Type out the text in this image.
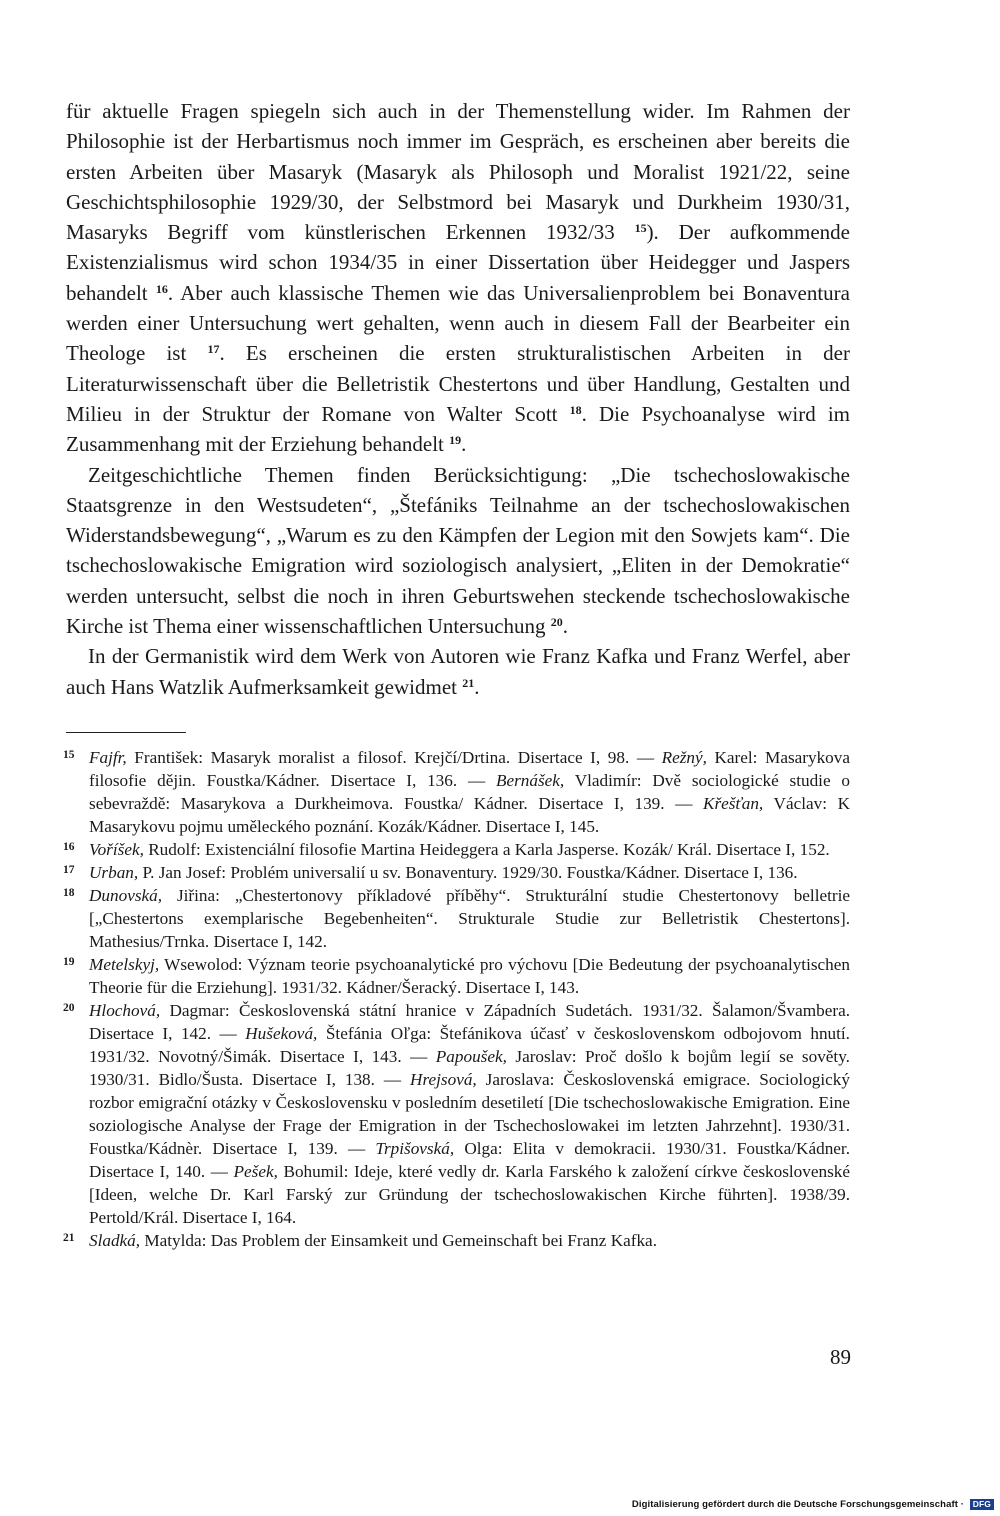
für aktuelle Fragen spiegeln sich auch in der Themenstellung wider. Im Rahmen der Philosophie ist der Herbartismus noch immer im Gespräch, es erscheinen aber bereits die ersten Arbeiten über Masaryk (Masaryk als Philosoph und Moralist 1921/22, seine Geschichtsphilosophie 1929/30, der Selbstmord bei Masaryk und Durkheim 1930/31, Masaryks Begriff vom künstlerischen Erkennen 1932/33 $^{15}$). Der aufkommende Existenzialismus wird schon 1934/35 in einer Dissertation über Heidegger und Jaspers behandelt $^{16}$. Aber auch klassische Themen wie das Universalienproblem bei Bonaventura werden einer Untersuchung wert gehalten, wenn auch in diesem Fall der Bearbeiter ein Theologe ist $^{17}$. Es erscheinen die ersten strukturalistischen Arbeiten in der Literaturwissenschaft über die Belletristik Chestertons und über Handlung, Gestalten und Milieu in der Struktur der Romane von Walter Scott $^{18}$. Die Psychoanalyse wird im Zusammenhang mit der Erziehung behandelt $^{19}$.

Zeitgeschichtliche Themen finden Berücksichtigung: „Die tschechoslowakische Staatsgrenze in den Westsudeten“, „Štefániks Teilnahme an der tschechoslowakischen Widerstandsbewegung“, „Warum es zu den Kämpfen der Legion mit den Sowjets kam“. Die tschechoslowakische Emigration wird soziologisch analysiert, „Eliten in der Demokratie“ werden untersucht, selbst die noch in ihren Geburtswehen steckende tschechoslowakische Kirche ist Thema einer wissenschaftlichen Untersuchung $^{20}$.

In der Germanistik wird dem Werk von Autoren wie Franz Kafka und Franz Werfel, aber auch Hans Watzlik Aufmerksamkeit gewidmet $^{21}$.

15 Fajfr, František: Masaryk moralist a filosof. Krejčí/Drtina. Disertace I, 98. — Režný, Karel: Masarykova filosofie dějin. Foustka/Kádner. Disertace I, 136. — Bernášek, Vladimír: Dvě sociologické studie o sebevraždě: Masarykova a Durkheimova. Foustka/ Kádner. Disertace I, 139. — Křešťan, Václav: K Masarykovu pojmu uměleckého poznání. Kozák/Kádner. Disertace I, 145.
16 Voříšek, Rudolf: Existenciální filosofie Martina Heideggera a Karla Jasperse. Kozák/ Král. Disertace I, 152.
17 Urban, P. Jan Josef: Problém universalií u sv. Bonaventury. 1929/30. Foustka/Kádner. Disertace I, 136.
18 Dunovská, Jiřina: „Chestertonovy příkladové příběhy“. Strukturální studie Chestertonovy belletrie [„Chestertons exemplarische Begebenheiten“. Strukturale Studie zur Belletristik Chestertons]. Mathesius/Trnka. Disertace I, 142.
19 Metelskyj, Wsewolod: Význam teorie psychoanalytické pro výchovu [Die Bedeutung der psychoanalytischen Theorie für die Erziehung]. 1931/32. Kádner/Šeracký. Disertace I, 143.
20 Hlochová, Dagmar: Československá státní hranice v Západních Sudetách. 1931/32. Šalamon/Švambera. Disertace I, 142. — Hušeková, Štefánia Oľga: Štefánikova účasť v československom odbojovom hnutí. 1931/32. Novotný/Šimák. Disertace I, 143. — Papoušek, Jaroslav: Proč došlo k bojům legií se sověty. 1930/31. Bidlo/Šusta. Disertace I, 138. — Hrejsová, Jaroslava: Československá emigrace. Sociologický rozbor emigrační otázky v Československu v posledním desetiletí [Die tschechoslowakische Emigration. Eine soziologische Analyse der Frage der Emigration in der Tschechoslowakei im letzten Jahrzehnt]. 1930/31. Foustka/Kádnèr. Disertace I, 139. — Trpišovská, Olga: Elita v demokracii. 1930/31. Foustka/Kádner. Disertace I, 140. — Pešek, Bohumil: Ideje, které vedly dr. Karla Farského k založení církve československé [Ideen, welche Dr. Karl Farský zur Gründung der tschechoslowakischen Kirche führten]. 1938/39. Pertold/Král. Disertace I, 164.
21 Sladká, Matylda: Das Problem der Einsamkeit und Gemeinschaft bei Franz Kafka.
89
Digitalisierung gefördert durch die Deutsche Forschungsgemeinschaft · DFG
